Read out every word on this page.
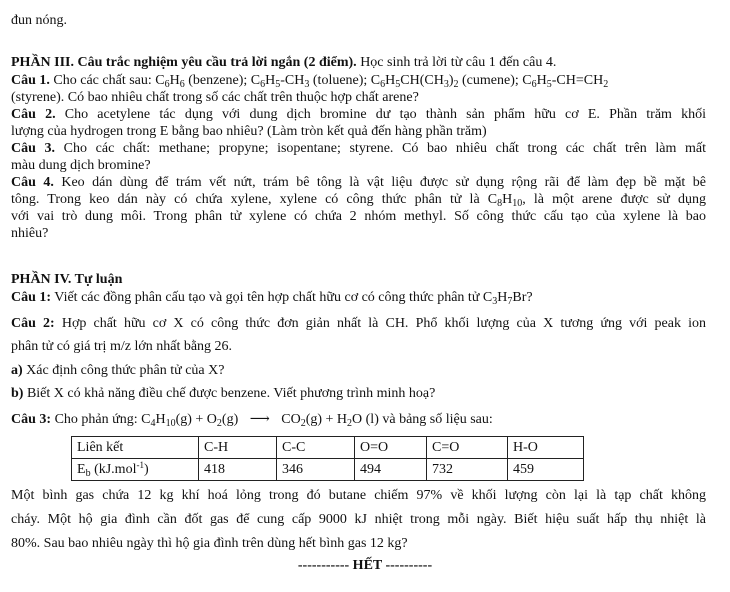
đun nóng.
PHẦN III. Câu trắc nghiệm yêu cầu trả lời ngắn (2 điểm). Học sinh trả lời từ câu 1 đến câu 4.
Câu 1. Cho các chất sau: $C_6H_6$ (benzene); $C_6H_5-CH_3$ (toluene); $C_6H_5CH(CH_3)_2$ (cumene); $C_6H_5-CH=CH_2$
(styrene). Có bao nhiêu chất trong số các chất trên thuộc hợp chất arene?
Câu 2. Cho acetylene tác dụng với dung dịch bromine dư tạo thành sản phẩm hữu cơ E. Phần trăm khối
lượng của hydrogen trong E bằng bao nhiêu? (Làm tròn kết quả đến hàng phần trăm)
Câu 3. Cho các chất: methane; propyne; isopentane; styrene. Có bao nhiêu chất trong các chất trên làm mất
màu dung dịch bromine?
Câu 4. Keo dán dùng để trám vết nứt, trám bê tông là vật liệu được sử dụng rộng rãi để làm đẹp bề mặt bê
tông. Trong keo dán này có chứa xylene, xylene có công thức phân tử là $C_8H_{10}$, là một arene được sử dụng
với vai trò dung môi. Trong phân tử xylene có chứa 2 nhóm methyl. Số công thức cấu tạo của xylene là bao
nhiêu?
PHẦN IV. Tự luận
Câu 1: Viết các đồng phân cấu tạo và gọi tên hợp chất hữu cơ có công thức phân tử $C_3H_7Br$?
Câu 2: Hợp chất hữu cơ X có công thức đơn giản nhất là CH. Phổ khối lượng của X tương ứng với peak ion
phân tử có giá trị m/z lớn nhất bằng 26.
a) Xác định công thức phân tử của X?
b) Biết X có khả năng điều chế được benzene. Viết phương trình minh hoạ?
Câu 3: Cho phản ứng: $C_4H_{10}(g) + O_2(g)$ ⟶ $CO_2(g) + H_2O$ (l) và bảng số liệu sau:
Liên kết	C-H	C-C	O=O	C=O	H-O
$E_b$ (kJ.mol$^{-1}$)	418	346	494	732	459
Một bình gas chứa 12 kg khí hoá lỏng trong đó butane chiếm 97% về khối lượng còn lại là tạp chất không
cháy. Một hộ gia đình cần đốt gas để cung cấp 9000 kJ nhiệt trong mỗi ngày. Biết hiệu suất hấp thụ nhiệt là
80%. Sau bao nhiêu ngày thì hộ gia đình trên dùng hết bình gas 12 kg?
----------- HẾT ----------
